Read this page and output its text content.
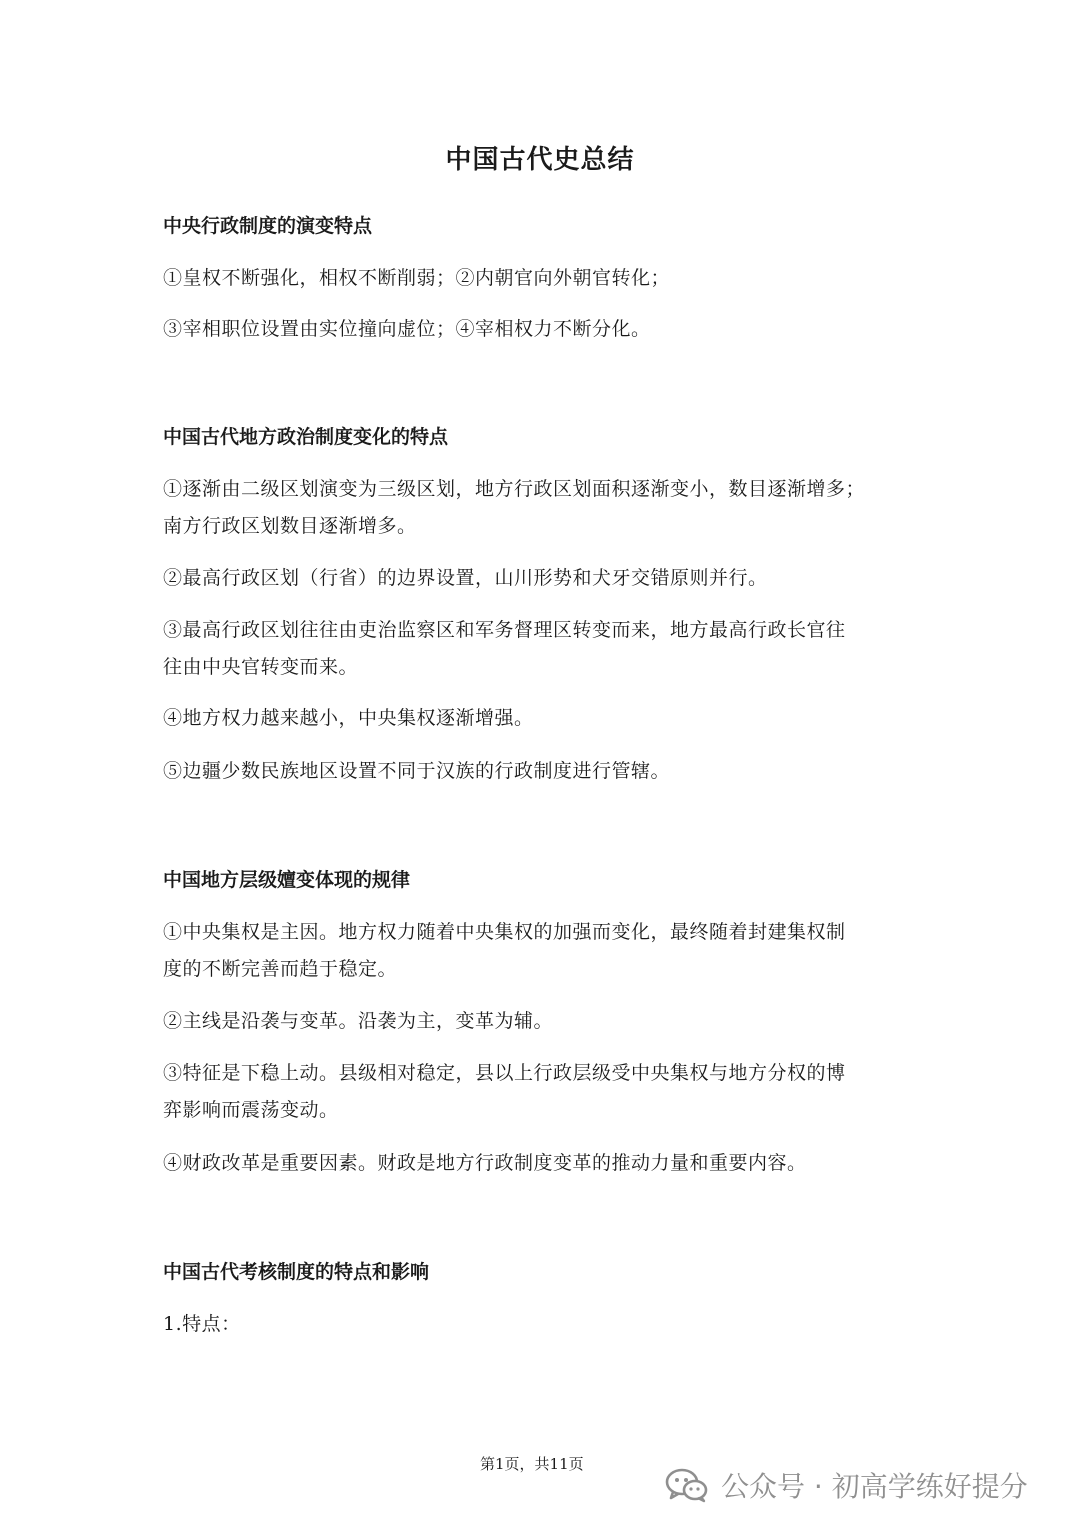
中国古代史总结
中央行政制度的演变特点
①皇权不断强化，相权不断削弱；②内朝官向外朝官转化；
③宰相职位设置由实位撞向虚位；④宰相权力不断分化。
中国古代地方政治制度变化的特点
①逐渐由二级区划演变为三级区划，地方行政区划面积逐渐变小，数目逐渐增多；
南方行政区划数目逐渐增多。
②最高行政区划（行省）的边界设置，山川形势和犬牙交错原则并行。
③最高行政区划往往由吏治监察区和军务督理区转变而来，地方最高行政长官往
往由中央官转变而来。
④地方权力越来越小，中央集权逐渐增强。
⑤边疆少数民族地区设置不同于汉族的行政制度进行管辖。
中国地方层级嬗变体现的规律
①中央集权是主因。地方权力随着中央集权的加强而变化，最终随着封建集权制
度的不断完善而趋于稳定。
②主线是沿袭与变革。沿袭为主，变革为辅。
③特征是下稳上动。县级相对稳定，县以上行政层级受中央集权与地方分权的博
弈影响而震荡变动。
④财政改革是重要因素。财政是地方行政制度变革的推动力量和重要内容。
中国古代考核制度的特点和影响
1.特点：
第1页，共11页
公众号 · 初高学练好提分
